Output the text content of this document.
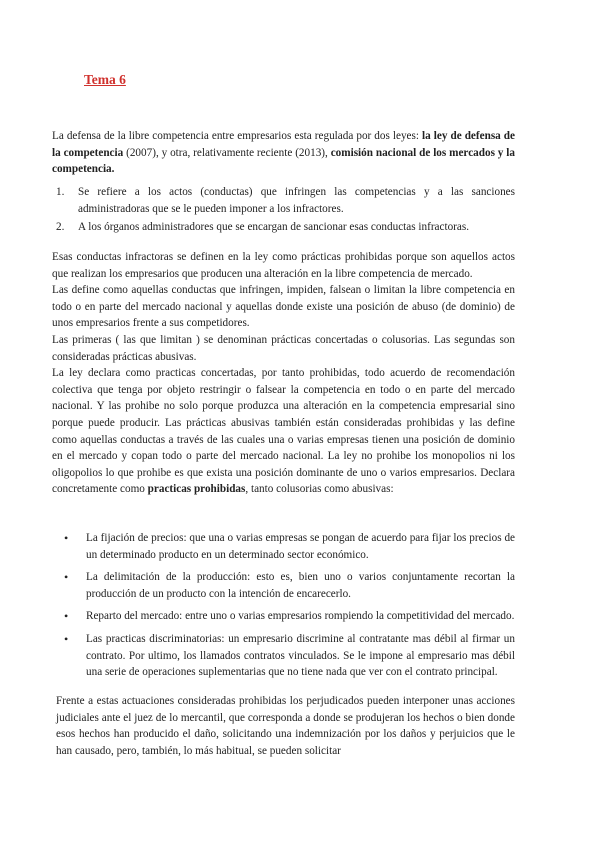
Tema 6

La defensa de la libre competencia entre empresarios esta regulada por dos leyes: la ley de defensa de la competencia (2007), y otra, relativamente reciente (2013), comisión nacional de los mercados y la competencia.

1. Se refiere a los actos (conductas) que infringen las competencias y a las sanciones administradoras que se le pueden imponer a los infractores.
2. A los órganos administradores que se encargan de sancionar esas conductas infractoras.
Esas conductas infractoras se definen en la ley como prácticas prohibidas porque son aquellos actos que realizan los empresarios que producen una alteración en la libre competencia de mercado.
Las define como aquellas conductas que infringen, impiden, falsean o limitan la libre competencia en todo o en parte del mercado nacional y aquellas donde existe una posición de abuso (de dominio) de unos empresarios frente a sus competidores.
Las primeras ( las que limitan ) se denominan prácticas concertadas o colusorias. Las segundas son consideradas prácticas abusivas.
La ley declara como practicas concertadas, por tanto prohibidas, todo acuerdo de recomendación colectiva que tenga por objeto restringir o falsear la competencia en todo o en parte del mercado nacional. Y las prohibe no solo porque produzca una alteración en la competencia empresarial sino porque puede producir. Las prácticas abusivas también están consideradas prohibidas y las define como aquellas conductas a través de las cuales una o varias empresas tienen una posición de dominio en el mercado y copan todo o parte del mercado nacional. La ley no prohibe los monopolios ni los oligopolios lo que prohibe es que exista una posición dominante de uno o varios empresarios. Declara concretamente como practicas prohibidas, tanto colusorias como abusivas:
• La fijación de precios: que una o varias empresas se pongan de acuerdo para fijar los precios de un determinado producto en un determinado sector económico.
• La delimitación de la producción: esto es, bien uno o varios conjuntamente recortan la producción de un producto con la intención de encarecerlo.
• Reparto del mercado: entre uno o varias empresarios rompiendo la competitividad del mercado.
• Las practicas discriminatorias: un empresario discrimine al contratante mas débil al firmar un contrato. Por ultimo, los llamados contratos vinculados. Se le impone al empresario mas débil una serie de operaciones suplementarias que no tiene nada que ver con el contrato principal.

Frente a estas actuaciones consideradas prohibidas los perjudicados pueden interponer unas acciones judiciales ante el juez de lo mercantil, que corresponda a donde se produjeran los hechos o bien donde esos hechos han producido el daño, solicitando una indemnización por los daños y perjuicios que le han causado, pero, también, lo más habitual, se pueden solicitar
